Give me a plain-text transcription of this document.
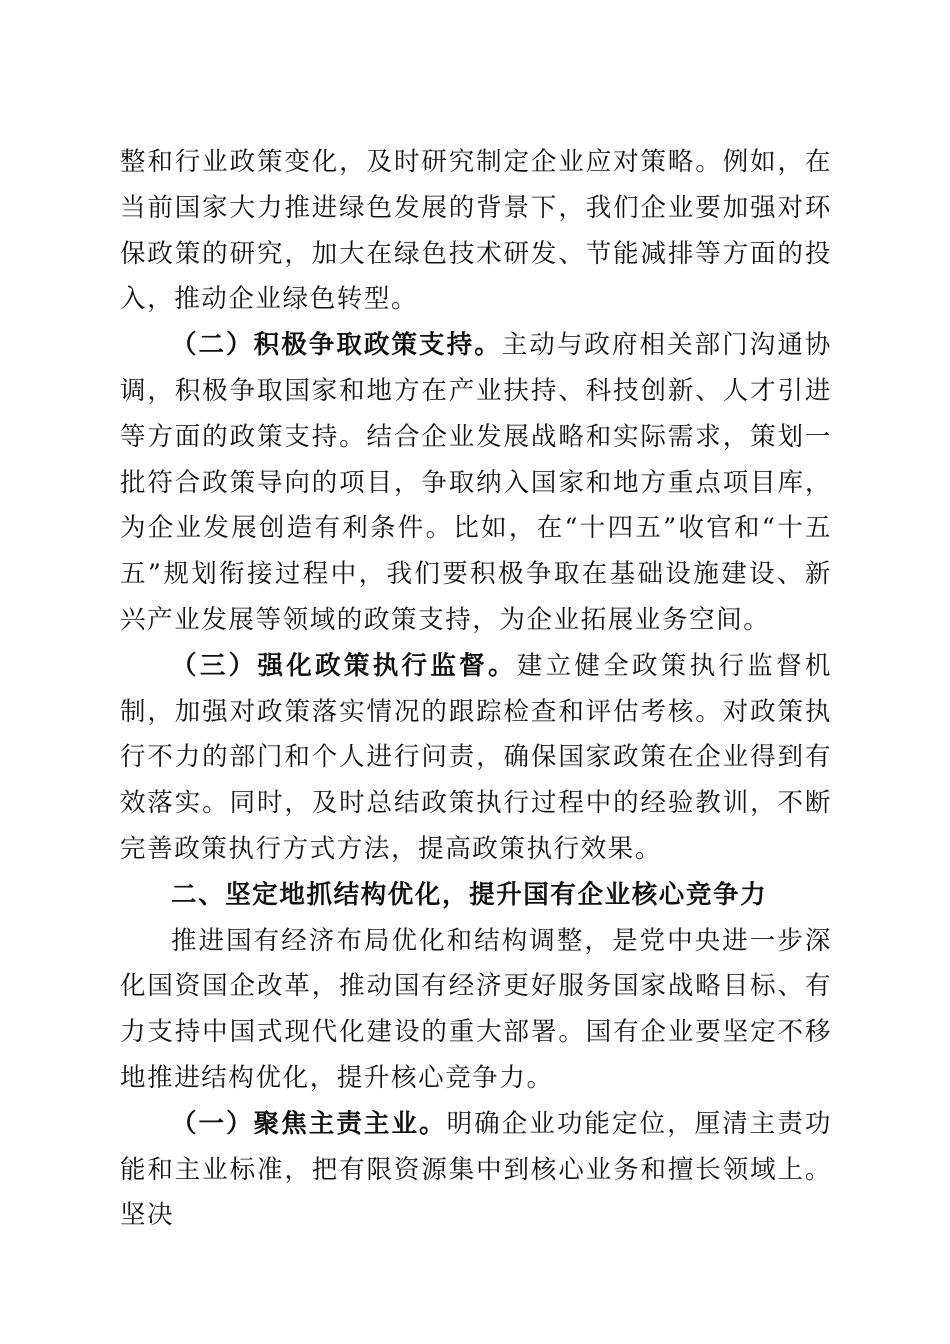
整和行业政策变化，及时研究制定企业应对策略。例如，在当前国家大力推进绿色发展的背景下，我们企业要加强对环保政策的研究，加大在绿色技术研发、节能减排等方面的投入，推动企业绿色转型。

（二）积极争取政策支持。主动与政府相关部门沟通协调，积极争取国家和地方在产业扶持、科技创新、人才引进等方面的政策支持。结合企业发展战略和实际需求，策划一批符合政策导向的项目，争取纳入国家和地方重点项目库，为企业发展创造有利条件。比如，在“十四五”收官和“十五五”规划衔接过程中，我们要积极争取在基础设施建设、新兴产业发展等领域的政策支持，为企业拓展业务空间。

（三）强化政策执行监督。建立健全政策执行监督机制，加强对政策落实情况的跟踪检查和评估考核。对政策执行不力的部门和个人进行问责，确保国家政策在企业得到有效落实。同时，及时总结政策执行过程中的经验教训，不断完善政策执行方式方法，提高政策执行效果。

二、坚定地抓结构优化，提升国有企业核心竞争力

推进国有经济布局优化和结构调整，是党中央进一步深化国资国企改革，推动国有经济更好服务国家战略目标、有力支持中国式现代化建设的重大部署。国有企业要坚定不移地推进结构优化，提升核心竞争力。

（一）聚焦主责主业。明确企业功能定位，厘清主责功能和主业标准，把有限资源集中到核心业务和擅长领域上。坚决
